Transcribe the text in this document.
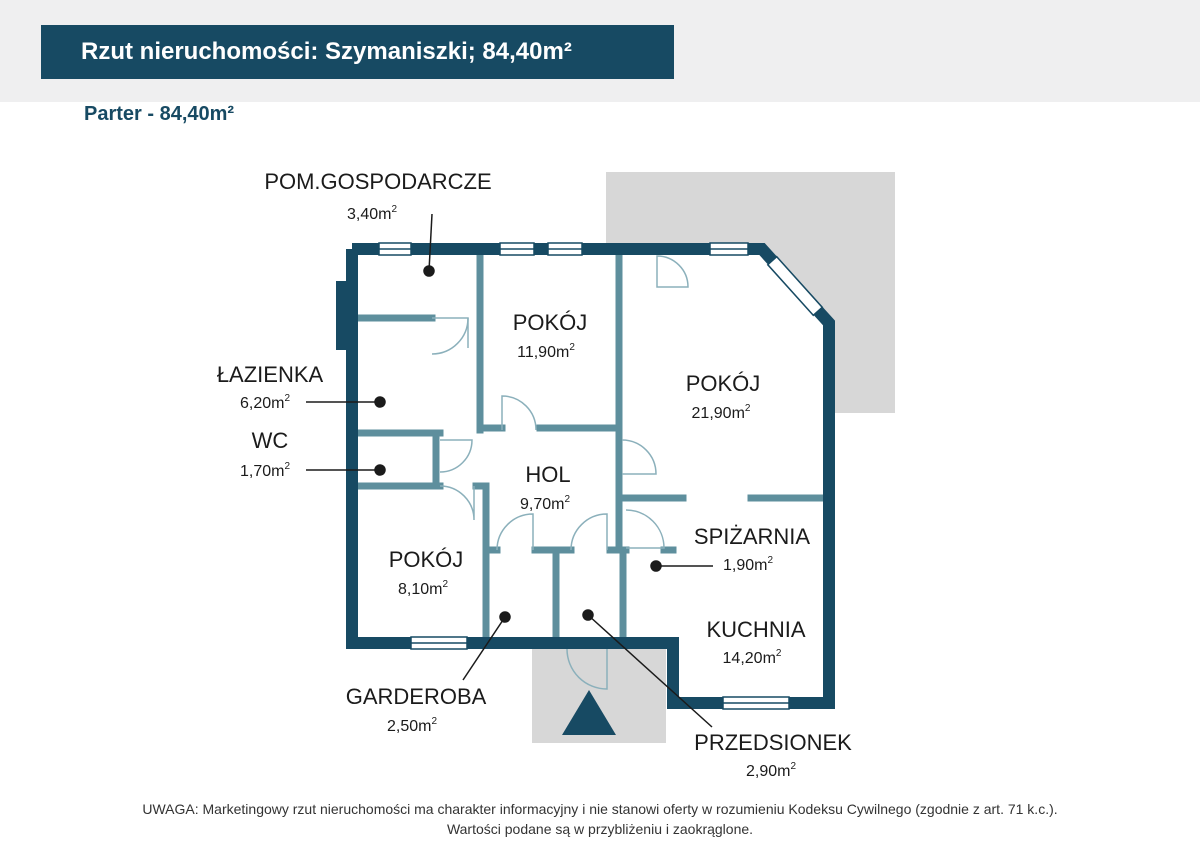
Rzut nieruchomości: Szymaniszki; 84,40m²
Parter - 84,40m²
POM.GOSPODARCZE
$3,40m^2$
ŁAZIENKA
$6,20m^2$
WC
$1,70m^2$
POKÓJ
$11,90m^2$
POKÓJ
$21,90m^2$
HOL
$9,70m^2$
POKÓJ
$8,10m^2$
SPIŻARNIA
$1,90m^2$
KUCHNIA
$14,20m^2$
GARDEROBA
$2,50m^2$
PRZEDSIONEK
$2,90m^2$
UWAGA: Marketingowy rzut nieruchomości ma charakter informacyjny i nie stanowi oferty w rozumieniu Kodeksu Cywilnego (zgodnie z art. 71 k.c.).
Wartości podane są w przybliżeniu i zaokrąglone.
